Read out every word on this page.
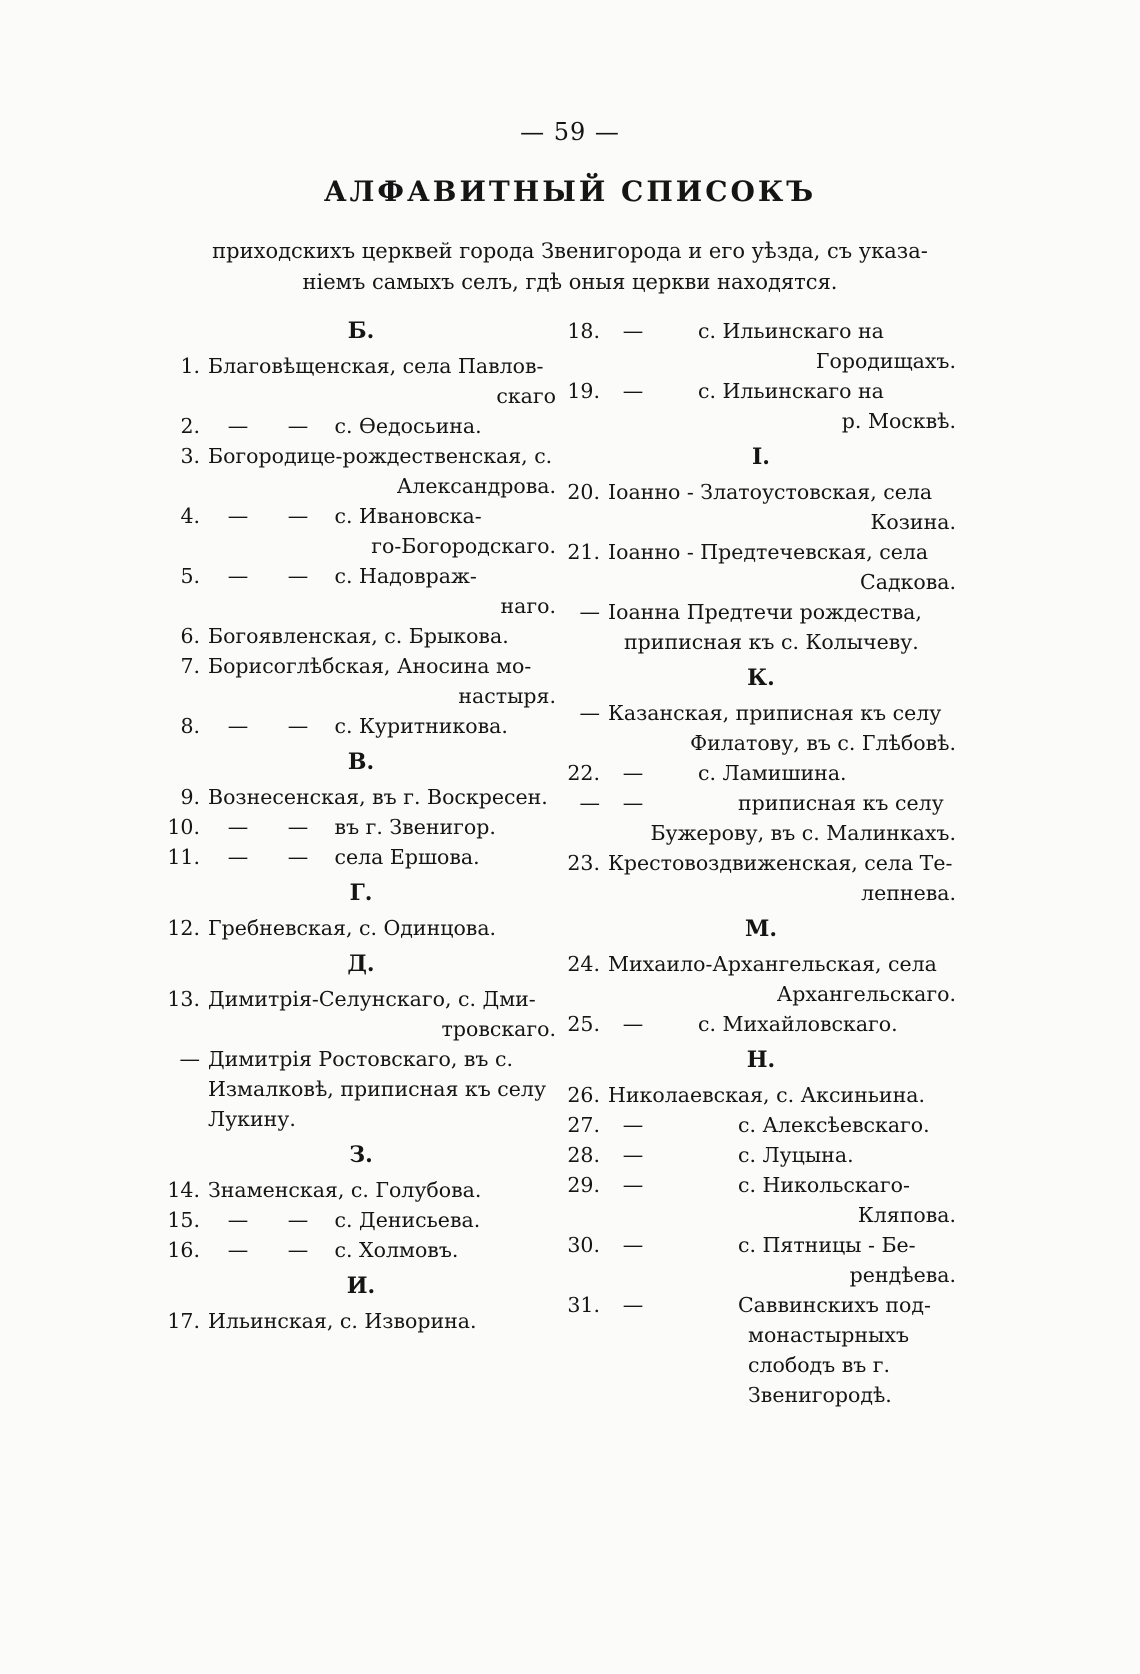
— 59 —
АЛФАВИТНЫЙ СПИСОКЪ
приходскихъ церквей города Звенигорода и его уѣзда, съ указа-
ніемъ самыхъ селъ, гдѣ оныя церкви находятся.
Б.
1. Благовѣщенская, села Павлов-
скаго
2.	— — с. Ѳедосьина.
3. Богородице-рождественская, с.
Александрова.
4.	— — с. Ивановска-
го-Богородскаго.
5.	— — с. Надовраж-
наго.
6. Богоявленская, с. Брыкова.
7. Борисоглѣбская, Аносина мо-
настыря.
8.	— — с. Куритникова.
В.
9. Вознесенская, въ г. Воскресен.
10.	— — въ г. Звенигор.
11.	— — села Ершова.
Г.
12. Гребневская, с. Одинцова.
Д.
13. Димитрія-Селунскаго, с. Дми-
тровскаго.
— Димитрія Ростовскаго, въ с.
Измалковѣ, приписная къ селу
Лукину.
З.
14. Знаменская, с. Голубова.
15.	— — с. Денисьева.
16.	— — с. Холмовъ.
И.
17. Ильинская, с. Изворина.
18.	—	с. Ильинскаго на
Городищахъ.
19.	—	с. Ильинскаго на
р. Москвѣ.
I.
20. Іоанно - Златоустовская, села
Козина.
21. Іоанно - Предтечевская, села
Садкова.
— Іоанна Предтечи рождества,
приписная къ с. Колычеву.
К.
— Казанская, приписная къ селу
Филатову, въ с. Глѣбовѣ.
22.	—	с. Ламишина.
—	—	приписная къ селу
Бужерову, въ с. Малинкахъ.
23. Крестовоздвиженская, села Те-
лепнева.
М.
24. Михаило-Архангельская, села
Архангельскаго.
25.	—	с. Михайловскаго.
Н.
26. Николаевская, с. Аксиньина.
27.	—	с. Алексѣевскаго.
28.	—	с. Луцына.
29.	—	с. Никольскаго-
Кляпова.
30.	—	с. Пятницы - Бе-
рендѣева.
31.	—	Саввинскихъ под-
монастырныхъ
слободъ въ г.
Звенигородѣ.
